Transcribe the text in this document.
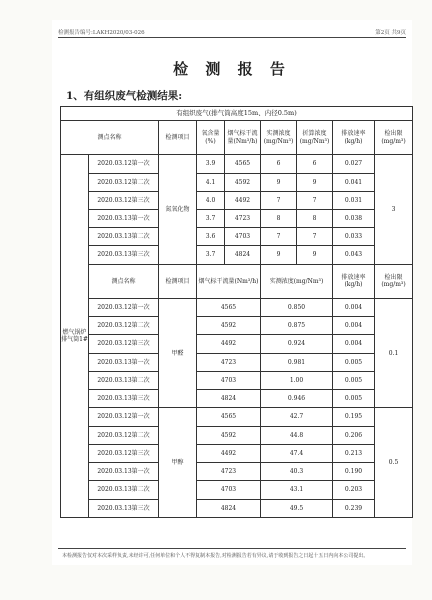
检测报告编号:LAKH2020/03-026	第2页 共9页
检 测 报 告
1、有组织废气检测结果:
有组织废气(排气筒高度15m、内径0.5m)								
测点名称		检测项目	氧含量(%)	烟气标干流量(Nm³/h)	实测浓度(mg/Nm³)	折算浓度(mg/Nm³)	排放速率(kg/h)	检出限(mg/m³)
燃气锅炉排气筒1#	2020.03.12第一次	氮氧化物	3.9	4565	6	6	0.027	3
	2020.03.12第二次		4.1	4592	9	9	0.041	
	2020.03.12第三次		4.0	4492	7	7	0.031	
	2020.03.13第一次		3.7	4723	8	8	0.038	
	2020.03.13第二次		3.6	4703	7	7	0.033	
	2020.03.13第三次		3.7	4824	9	9	0.043	
	测点名称	检测项目	烟气标干流量(Nm³/h)		实测浓度(mg/Nm³)		排放速率(kg/h)	检出限(mg/m³)
	2020.03.12第一次	甲醛	4565		0.850		0.004	0.1
	2020.03.12第二次		4592		0.875		0.004	
	2020.03.12第三次		4492		0.924		0.004	
	2020.03.13第一次		4723		0.981		0.005	
	2020.03.13第二次		4703		1.00		0.005	
	2020.03.13第三次		4824		0.946		0.005	
	2020.03.12第一次	甲醇	4565		42.7		0.195	0.5
	2020.03.12第二次		4592		44.8		0.206	
	2020.03.12第三次		4492		47.4		0.213	
	2020.03.13第一次		4723		40.3		0.190	
	2020.03.13第二次		4703		43.1		0.203	
	2020.03.13第三次		4824		49.5		0.239	
本检测报告仅对本次采样负责,未经许可,任何单位和个人不得复制本报告,对检测报告若有异议,请于收到报告之日起十五日内向本公司提出。
